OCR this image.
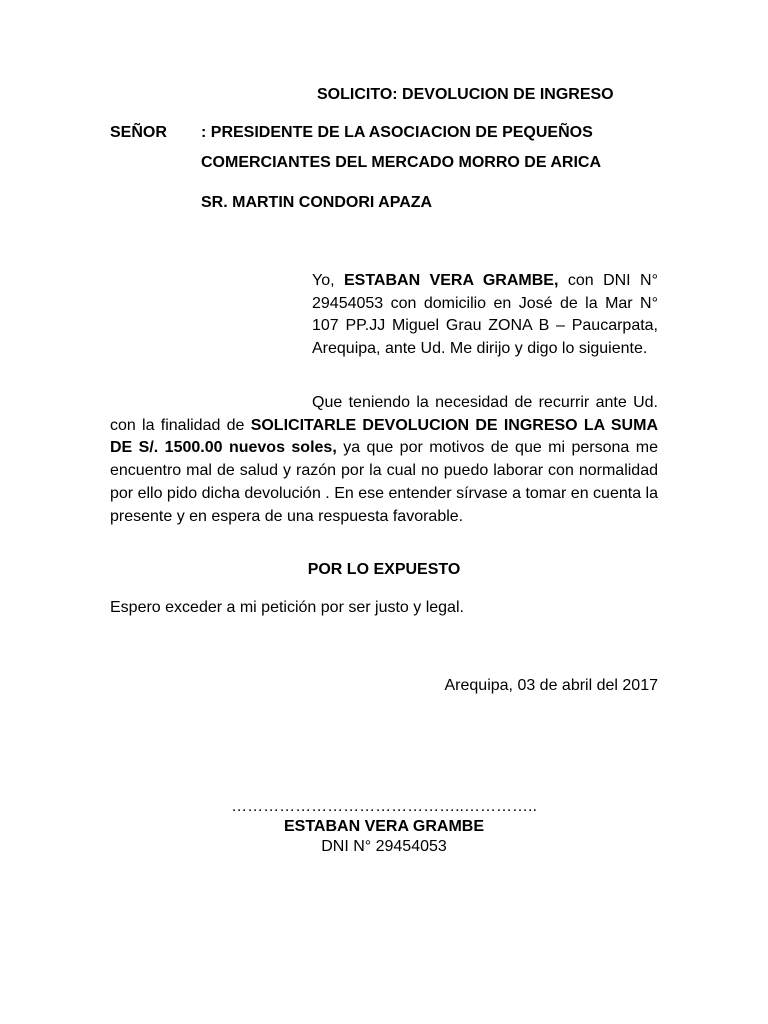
SOLICITO: DEVOLUCION DE INGRESO
SEÑOR : PRESIDENTE DE LA ASOCIACION DE PEQUEÑOS
COMERCIANTES DEL MERCADO MORRO DE ARICA
SR. MARTIN CONDORI APAZA
Yo, ESTABAN VERA GRAMBE, con DNI N° 29454053 con domicilio en José de la Mar N° 107 PP.JJ Miguel Grau ZONA B – Paucarpata, Arequipa, ante Ud. Me dirijo y digo lo siguiente.
Que teniendo la necesidad de recurrir ante Ud. con la finalidad de SOLICITARLE DEVOLUCION DE INGRESO LA SUMA DE S/. 1500.00 nuevos soles, ya que por motivos de que mi persona me encuentro mal de salud y razón por la cual no puedo laborar con normalidad por ello pido dicha devolución . En ese entender sírvase a tomar en cuenta la presente y en espera de una respuesta favorable.
POR LO EXPUESTO
Espero exceder a mi petición por ser justo y legal.
Arequipa, 03 de abril del 2017
……………………………………..…………..
ESTABAN VERA GRAMBE
DNI N° 29454053
